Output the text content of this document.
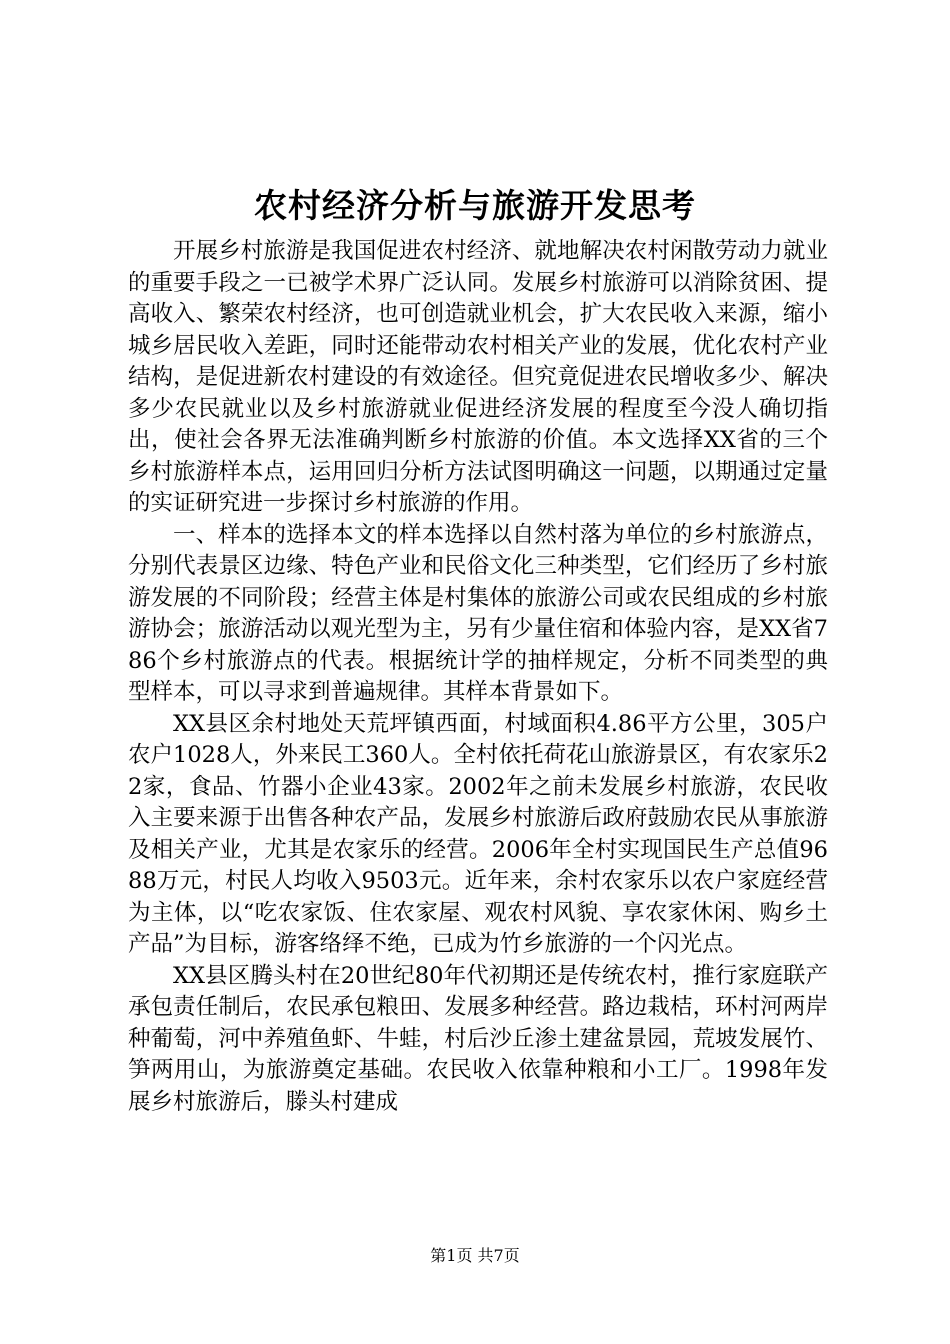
农村经济分析与旅游开发思考

开展乡村旅游是我国促进农村经济、就地解决农村闲散劳动力就业的重要手段之一已被学术界广泛认同。发展乡村旅游可以消除贫困、提高收入、繁荣农村经济，也可创造就业机会，扩大农民收入来源，缩小城乡居民收入差距，同时还能带动农村相关产业的发展，优化农村产业结构，是促进新农村建设的有效途径。但究竟促进农民增收多少、解决多少农民就业以及乡村旅游就业促进经济发展的程度至今没人确切指出，使社会各界无法准确判断乡村旅游的价值。本文选择XX省的三个乡村旅游样本点，运用回归分析方法试图明确这一问题，以期通过定量的实证研究进一步探讨乡村旅游的作用。

一、样本的选择本文的样本选择以自然村落为单位的乡村旅游点，分别代表景区边缘、特色产业和民俗文化三种类型，它们经历了乡村旅游发展的不同阶段；经营主体是村集体的旅游公司或农民组成的乡村旅游协会；旅游活动以观光型为主，另有少量住宿和体验内容，是XX省786个乡村旅游点的代表。根据统计学的抽样规定，分析不同类型的典型样本，可以寻求到普遍规律。其样本背景如下。

XX县区余村地处天荒坪镇西面，村域面积4.86平方公里，305户农户1028人，外来民工360人。全村依托荷花山旅游景区，有农家乐22家，食品、竹器小企业43家。2002年之前未发展乡村旅游，农民收入主要来源于出售各种农产品，发展乡村旅游后政府鼓励农民从事旅游及相关产业，尤其是农家乐的经营。2006年全村实现国民生产总值9688万元，村民人均收入9503元。近年来，余村农家乐以农户家庭经营为主体，以“吃农家饭、住农家屋、观农村风貌、享农家休闲、购乡土产品”为目标，游客络绎不绝，已成为竹乡旅游的一个闪光点。

XX县区腾头村在20世纪80年代初期还是传统农村，推行家庭联产承包责任制后，农民承包粮田、发展多种经营。路边栽桔，环村河两岸种葡萄，河中养殖鱼虾、牛蛙，村后沙丘渗土建盆景园，荒坡发展竹、笋两用山，为旅游奠定基础。农民收入依靠种粮和小工厂。1998年发展乡村旅游后，滕头村建成

第1页 共7页
